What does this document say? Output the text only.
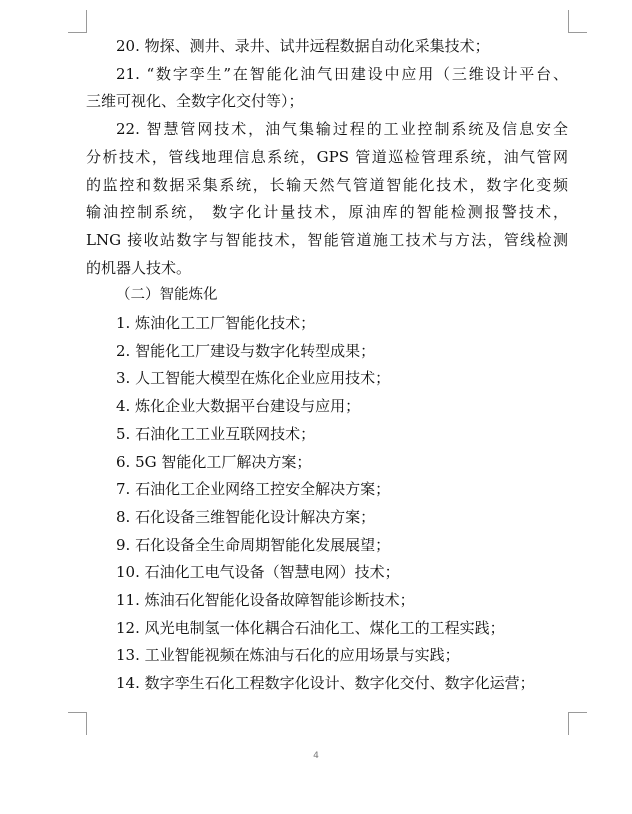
20. 物探、测井、录井、试井远程数据自动化采集技术；

21. “数字孪生”在智能化油气田建设中应用（三维设计平台、
三维可视化、全数字化交付等）；
22. 智慧管网技术，油气集输过程的工业控制系统及信息安全
分析技术，管线地理信息系统，GPS 管道巡检管理系统，油气管网
的监控和数据采集系统，长输天然气管道智能化技术，数字化变频
输油控制系统， 数字化计量技术，原油库的智能检测报警技术，
LNG 接收站数字与智能技术，智能管道施工技术与方法，管线检测
的机器人技术。

（二）智能炼化

1. 炼油化工工厂智能化技术；

2. 智能化工厂建设与数字化转型成果；

3. 人工智能大模型在炼化企业应用技术；

4. 炼化企业大数据平台建设与应用；

5. 石油化工工业互联网技术；

6. 5G 智能化工厂解决方案；

7. 石油化工企业网络工控安全解决方案；

8. 石化设备三维智能化设计解决方案；

9. 石化设备全生命周期智能化发展展望；

10. 石油化工电气设备（智慧电网）技术；

11. 炼油石化智能化设备故障智能诊断技术；

12. 风光电制氢一体化耦合石油化工、煤化工的工程实践；

13. 工业智能视频在炼油与石化的应用场景与实践；

14. 数字孪生石化工程数字化设计、数字化交付、数字化运营；

4
